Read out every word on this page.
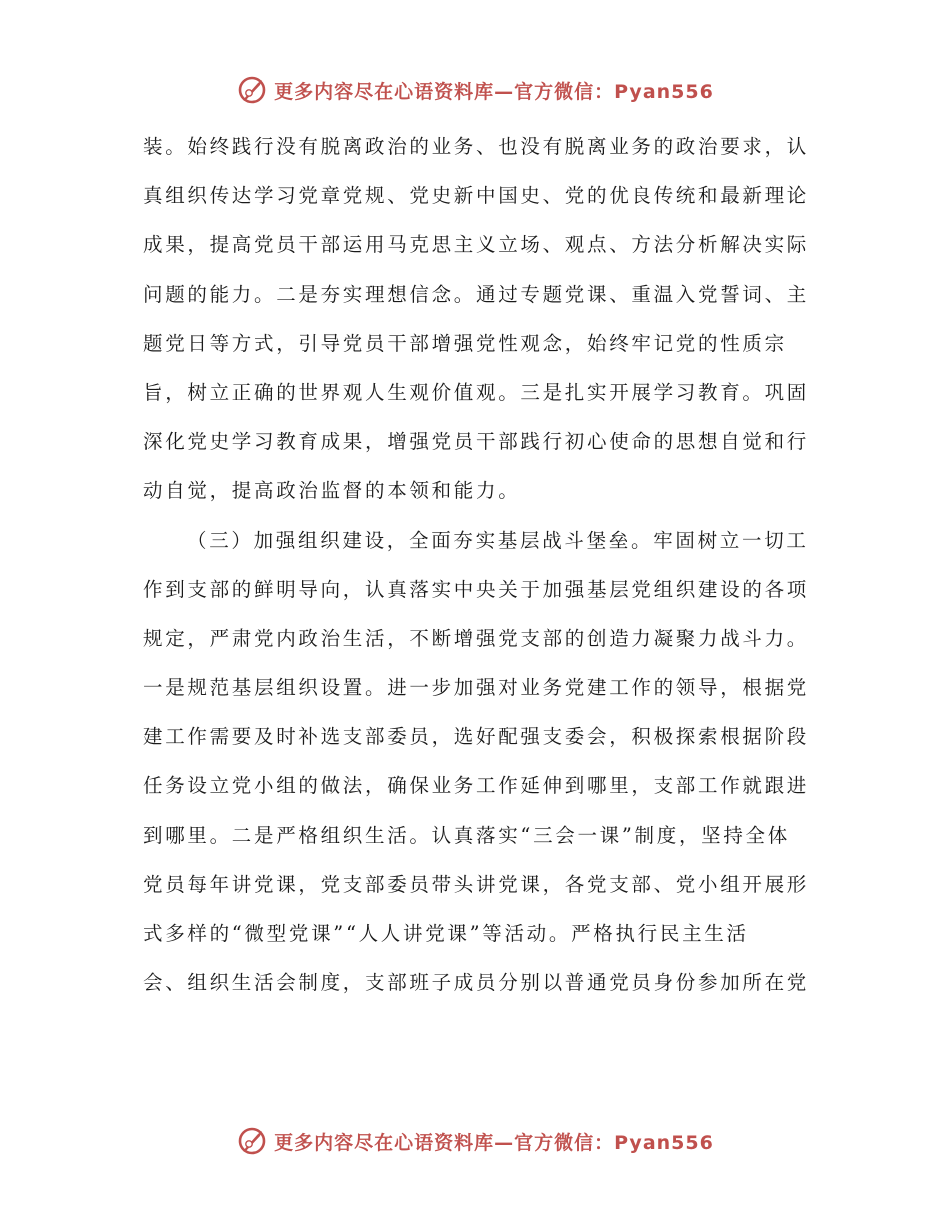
更多内容尽在心语资料库—官方微信：Pyan556
装。始终践行没有脱离政治的业务、也没有脱离业务的政治要求，认
真组织传达学习党章党规、党史新中国史、党的优良传统和最新理论
成果，提高党员干部运用马克思主义立场、观点、方法分析解决实际
问题的能力。二是夯实理想信念。通过专题党课、重温入党誓词、主
题党日等方式，引导党员干部增强党性观念，始终牢记党的性质宗
旨，树立正确的世界观人生观价值观。三是扎实开展学习教育。巩固
深化党史学习教育成果，增强党员干部践行初心使命的思想自觉和行
动自觉，提高政治监督的本领和能力。
（三）加强组织建设，全面夯实基层战斗堡垒。牢固树立一切工
作到支部的鲜明导向，认真落实中央关于加强基层党组织建设的各项
规定，严肃党内政治生活，不断增强党支部的创造力凝聚力战斗力。
一是规范基层组织设置。进一步加强对业务党建工作的领导，根据党
建工作需要及时补选支部委员，选好配强支委会，积极探索根据阶段
任务设立党小组的做法，确保业务工作延伸到哪里，支部工作就跟进
到哪里。二是严格组织生活。认真落实“三会一课”制度，坚持全体
党员每年讲党课，党支部委员带头讲党课，各党支部、党小组开展形
式多样的“微型党课”“人人讲党课”等活动。严格执行民主生活
会、组织生活会制度，支部班子成员分别以普通党员身份参加所在党
更多内容尽在心语资料库—官方微信：Pyan556
